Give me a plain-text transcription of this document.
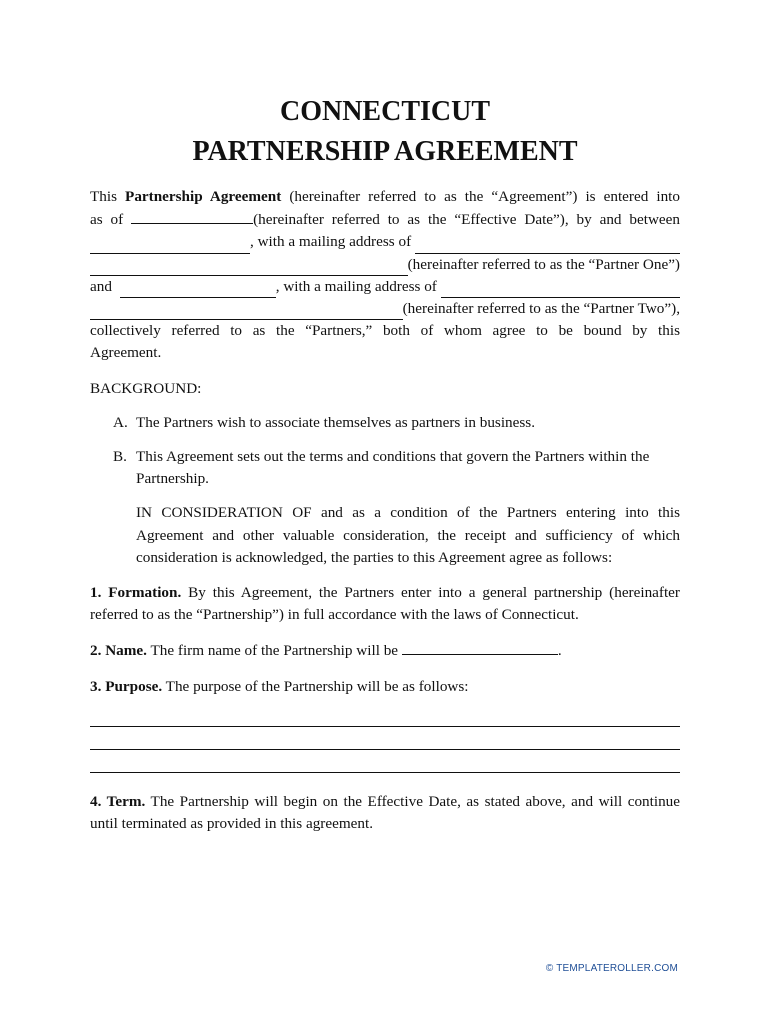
CONNECTICUT
PARTNERSHIP AGREEMENT
This Partnership Agreement (hereinafter referred to as the “Agreement”) is entered into
as of	(hereinafter referred to as the “Effective Date”), by and between
, with a mailing address of
(hereinafter referred to as the “Partner One”)
and	, with a mailing address of
(hereinafter referred to as the “Partner Two”),
collectively referred to as the “Partners,” both of whom agree to be bound by this

Agreement.

BACKGROUND:

A. The Partners wish to associate themselves as partners in business.
B. This Agreement sets out the terms and conditions that govern the Partners within the Partnership.

IN CONSIDERATION OF and as a condition of the Partners entering into this Agreement and other valuable consideration, the receipt and sufficiency of which consideration is acknowledged, the parties to this Agreement agree as follows:

1. Formation. By this Agreement, the Partners enter into a general partnership (hereinafter referred to as the “Partnership”) in full accordance with the laws of Connecticut.

2. Name. The firm name of the Partnership will be	.

3. Purpose. The purpose of the Partnership will be as follows:

4. Term. The Partnership will begin on the Effective Date, as stated above, and will continue until terminated as provided in this agreement.

© TEMPLATEROLLER.COM
